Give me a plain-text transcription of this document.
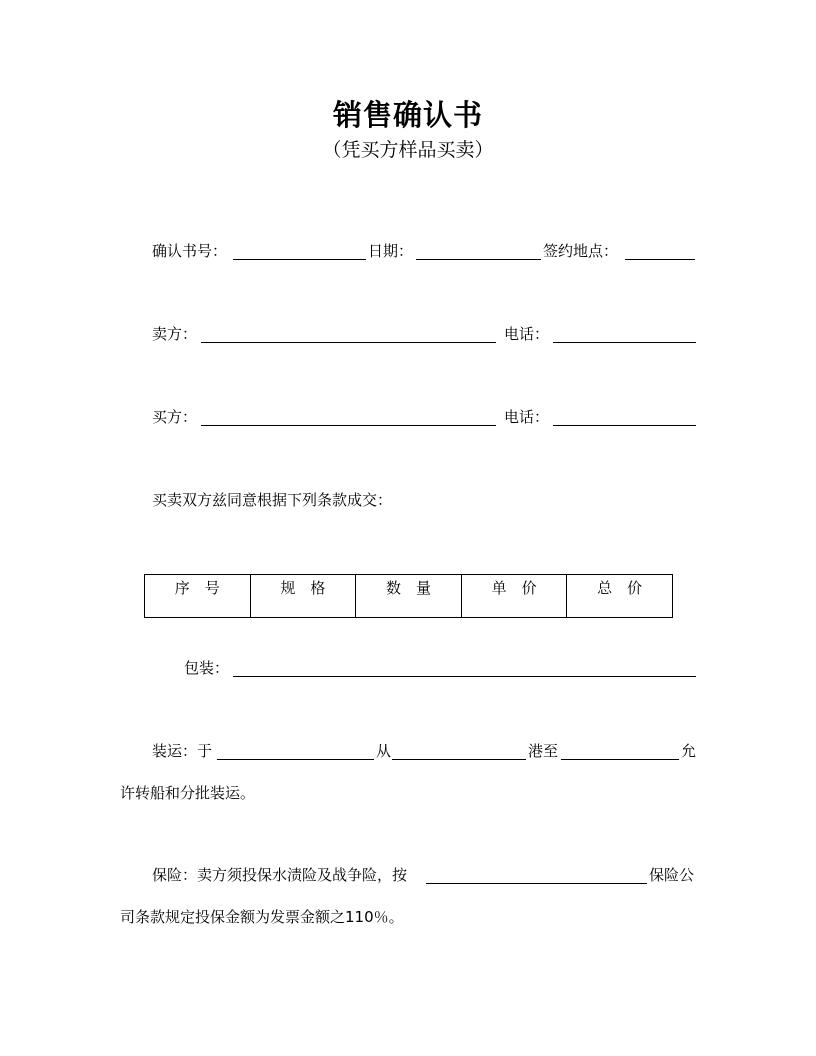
销售确认书
（凭买方样品买卖）
确认书号：	日期：	签约地点：
卖方：	电话：
买方：	电话：
买卖双方兹同意根据下列条款成交：
序　号	规　格	数　量	单　价	总　价
包装：
装运：于	从	港至	允
许转船和分批装运。
保险：卖方须投保水渍险及战争险，按	保险公
司条款规定投保金额为发票金额之110％。
